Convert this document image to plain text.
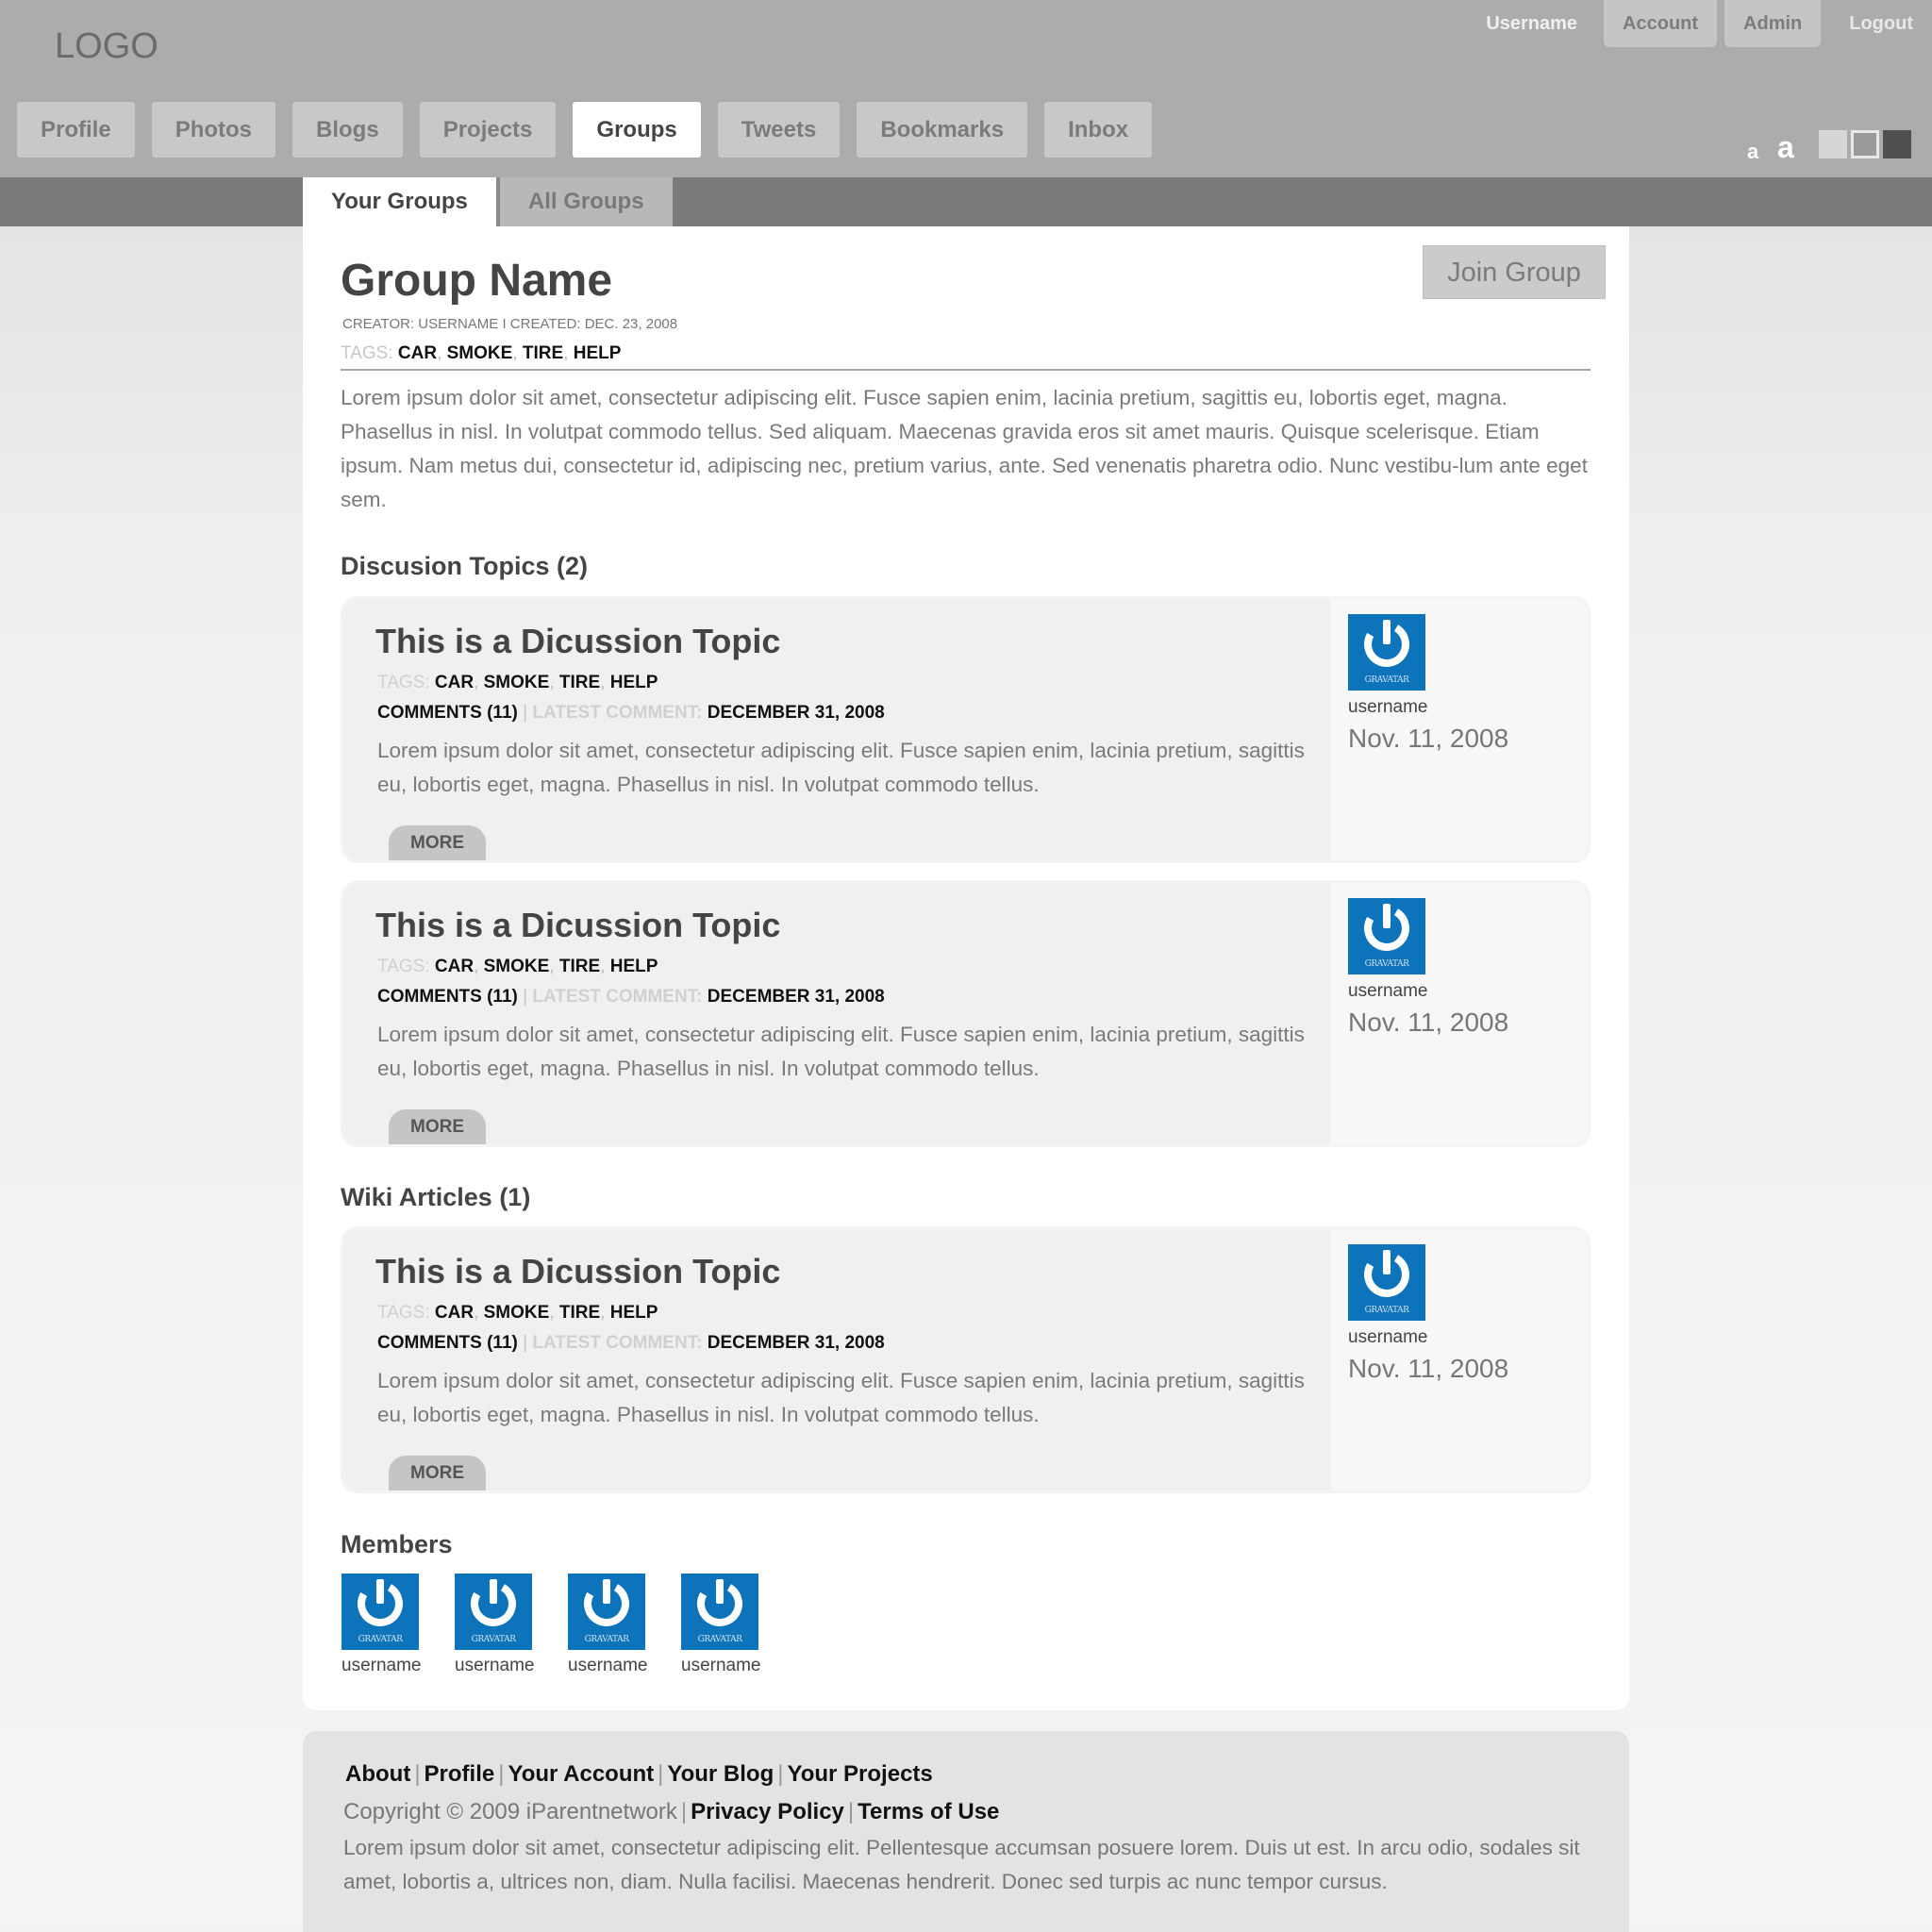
LOGO
Username	Account	Admin	Logout
Profile	Photos	Blogs	Projects	Groups	Tweets	Bookmarks	Inbox
a a
Your Groups	All Groups
Group Name	Join Group
CREATOR: USERNAME I CREATED: DEC. 23, 2008
TAGS: CAR, SMOKE, TIRE, HELP
Lorem ipsum dolor sit amet, consectetur adipiscing elit. Fusce sapien enim, lacinia pretium, sagittis eu, lobortis eget, magna. Phasellus in nisl. In volutpat commodo tellus. Sed aliquam. Maecenas gravida eros sit amet mauris. Quisque scelerisque. Etiam ipsum. Nam metus dui, consectetur id, adipiscing nec, pretium varius, ante. Sed venenatis pharetra odio. Nunc vestibu-lum ante eget sem.
Discusion Topics (2)
This is a Dicussion Topic
TAGS: CAR, SMOKE, TIRE, HELP
COMMENTS (11) | LATEST COMMENT: DECEMBER 31, 2008
Lorem ipsum dolor sit amet, consectetur adipiscing elit. Fusce sapien enim, lacinia pretium, sagittis eu, lobortis eget, magna. Phasellus in nisl. In volutpat commodo tellus.
MORE
GRAVATAR
username
Nov. 11, 2008
This is a Dicussion Topic
TAGS: CAR, SMOKE, TIRE, HELP
COMMENTS (11) | LATEST COMMENT: DECEMBER 31, 2008
Lorem ipsum dolor sit amet, consectetur adipiscing elit. Fusce sapien enim, lacinia pretium, sagittis eu, lobortis eget, magna. Phasellus in nisl. In volutpat commodo tellus.
MORE
GRAVATAR
username
Nov. 11, 2008
Wiki Articles (1)
This is a Dicussion Topic
TAGS: CAR, SMOKE, TIRE, HELP
COMMENTS (11) | LATEST COMMENT: DECEMBER 31, 2008
Lorem ipsum dolor sit amet, consectetur adipiscing elit. Fusce sapien enim, lacinia pretium, sagittis eu, lobortis eget, magna. Phasellus in nisl. In volutpat commodo tellus.
MORE
GRAVATAR
username
Nov. 11, 2008
Members
GRAVATAR
username
GRAVATAR
username
GRAVATAR
username
GRAVATAR
username
About | Profile | Your Account | Your Blog | Your Projects
Copyright © 2009 iParentnetwork | Privacy Policy | Terms of Use
Lorem ipsum dolor sit amet, consectetur adipiscing elit. Pellentesque accumsan posuere lorem. Duis ut est. In arcu odio, sodales sit amet, lobortis a, ultrices non, diam. Nulla facilisi. Maecenas hendrerit. Donec sed turpis ac nunc tempor cursus.
